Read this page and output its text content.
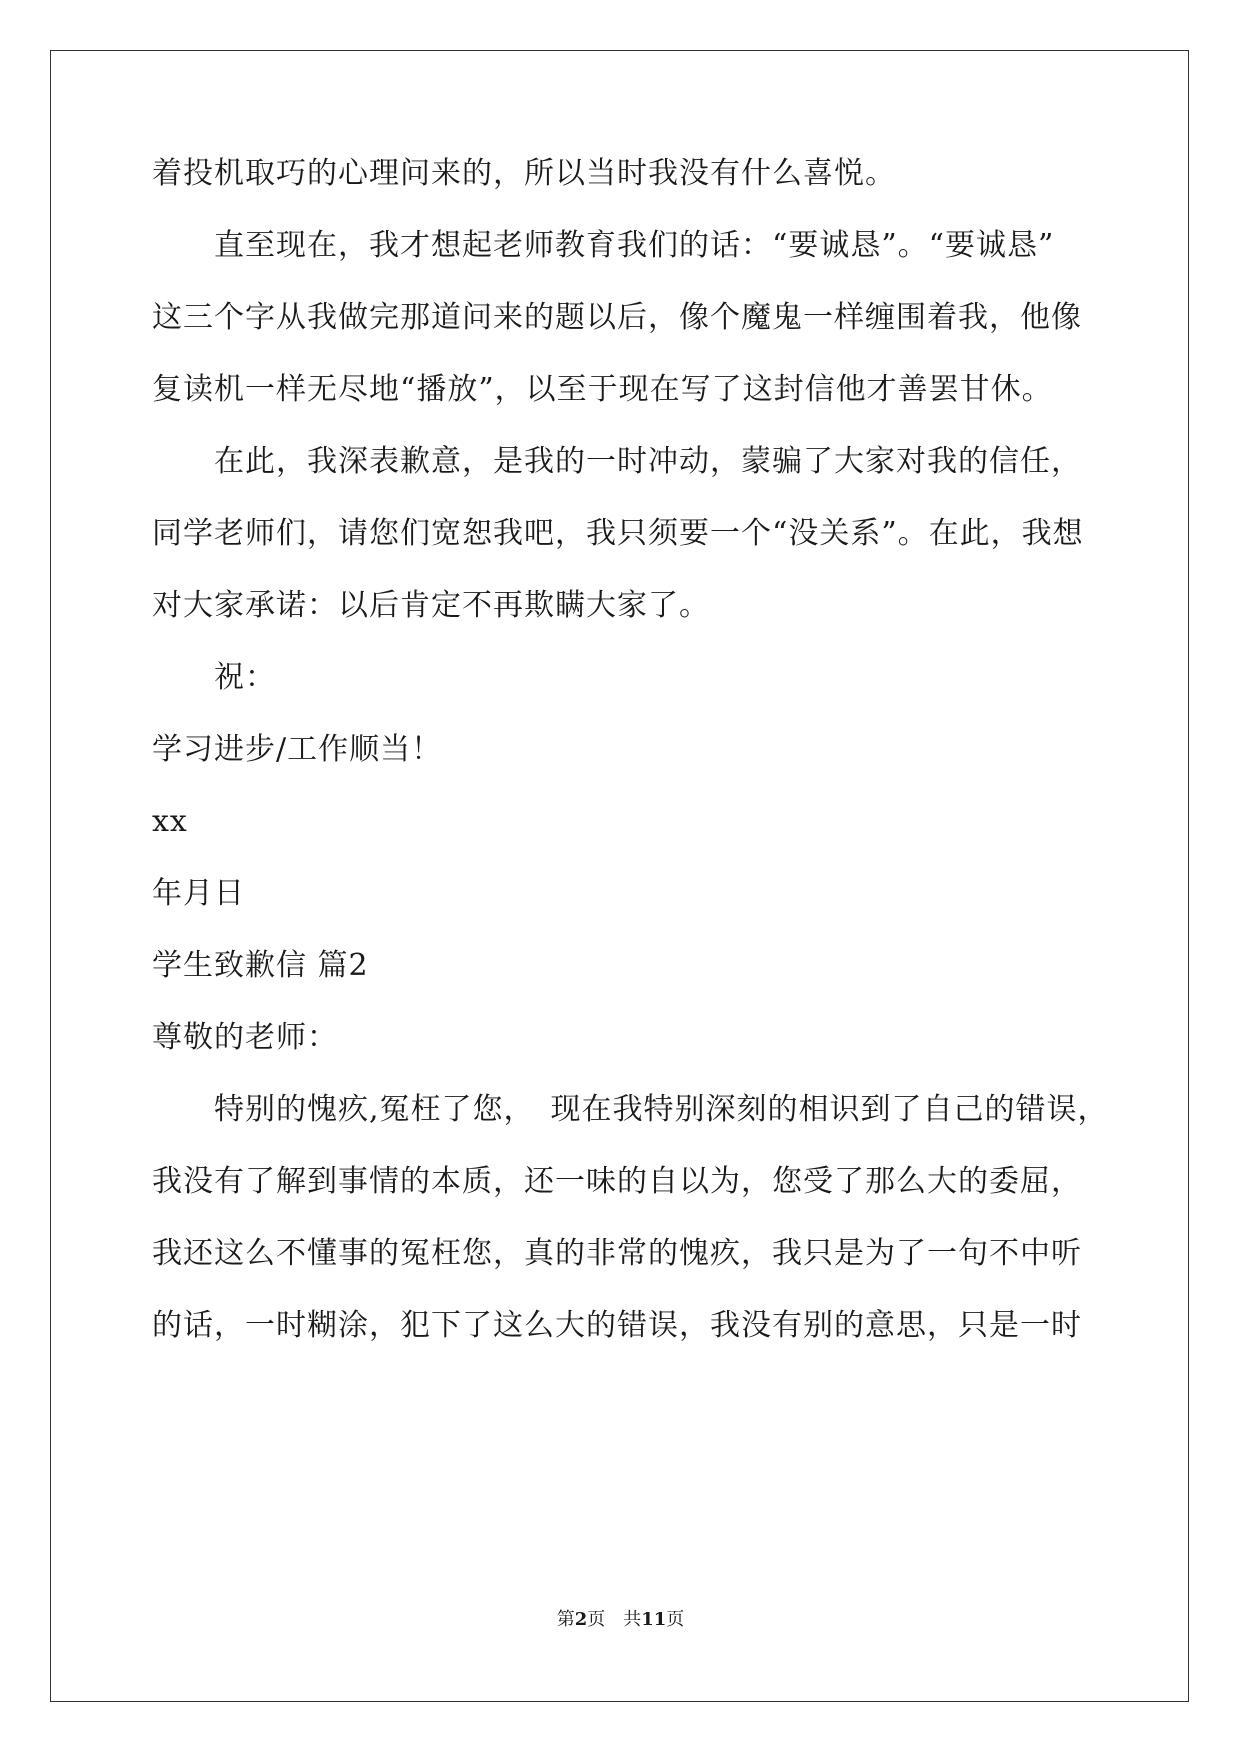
着投机取巧的心理问来的，所以当时我没有什么喜悦。
直至现在，我才想起老师教育我们的话：“要诚恳”。“要诚恳”
这三个字从我做完那道问来的题以后，像个魔鬼一样缠围着我，他像
复读机一样无尽地“播放”，以至于现在写了这封信他才善罢甘休。
在此，我深表歉意，是我的一时冲动，蒙骗了大家对我的信任，
同学老师们，请您们宽恕我吧，我只须要一个“没关系”。在此，我想
对大家承诺：以后肯定不再欺瞒大家了。
祝：
学习进步/工作顺当！
xx
年月日
学生致歉信 篇2
尊敬的老师：
特别的愧疚,冤枉了您，　现在我特别深刻的相识到了自己的错误，
我没有了解到事情的本质，还一味的自以为，您受了那么大的委屈，
我还这么不懂事的冤枉您，真的非常的愧疚，我只是为了一句不中听
的话，一时糊涂，犯下了这么大的错误，我没有别的意思，只是一时
第2页 共11页
